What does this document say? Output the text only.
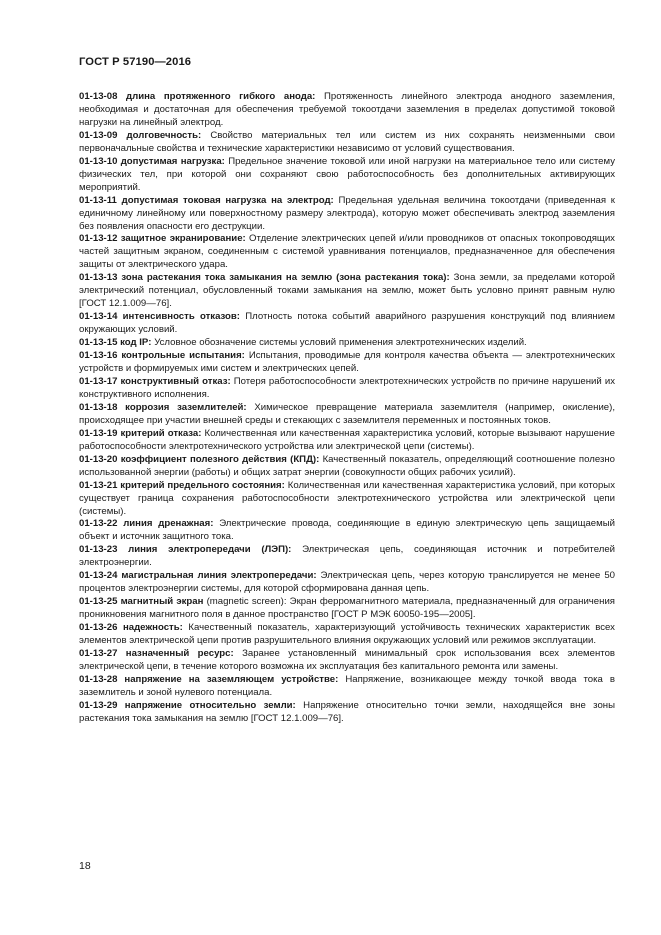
ГОСТ Р 57190—2016
01-13-08 длина протяженного гибкого анода: Протяженность линейного электрода анодного заземления, необходимая и достаточная для обеспечения требуемой токоотдачи заземления в пределах допустимой токовой нагрузки на линейный электрод.
01-13-09 долговечность: Свойство материальных тел или систем из них сохранять неизменными свои первоначальные свойства и технические характеристики независимо от условий существования.
01-13-10 допустимая нагрузка: Предельное значение токовой или иной нагрузки на материальное тело или систему физических тел, при которой они сохраняют свою работоспособность без дополнительных активирующих мероприятий.
01-13-11 допустимая токовая нагрузка на электрод: Предельная удельная величина токоотдачи (приведенная к единичному линейному или поверхностному размеру электрода), которую может обеспечивать электрод заземления без появления опасности его деструкции.
01-13-12 защитное экранирование: Отделение электрических цепей и/или проводников от опасных токопроводящих частей защитным экраном, соединенным с системой уравнивания потенциалов, предназначенное для обеспечения защиты от электрического удара.
01-13-13 зона растекания тока замыкания на землю (зона растекания тока): Зона земли, за пределами которой электрический потенциал, обусловленный токами замыкания на землю, может быть условно принят равным нулю [ГОСТ 12.1.009—76].
01-13-14 интенсивность отказов: Плотность потока событий аварийного разрушения конструкций под влиянием окружающих условий.
01-13-15 код IP: Условное обозначение системы условий применения электротехнических изделий.
01-13-16 контрольные испытания: Испытания, проводимые для контроля качества объекта — электротехнических устройств и формируемых ими систем и электрических цепей.
01-13-17 конструктивный отказ: Потеря работоспособности электротехнических устройств по причине нарушений их конструктивного исполнения.
01-13-18 коррозия заземлителей: Химическое превращение материала заземлителя (например, окисление), происходящее при участии внешней среды и стекающих с заземлителя переменных и постоянных токов.
01-13-19 критерий отказа: Количественная или качественная характеристика условий, которые вызывают нарушение работоспособности электротехнического устройства или электрической цепи (системы).
01-13-20 коэффициент полезного действия (КПД): Качественный показатель, определяющий соотношение полезно использованной энергии (работы) и общих затрат энергии (совокупности общих рабочих усилий).
01-13-21 критерий предельного состояния: Количественная или качественная характеристика условий, при которых существует граница сохранения работоспособности электротехнического устройства или электрической цепи (системы).
01-13-22 линия дренажная: Электрические провода, соединяющие в единую электрическую цепь защищаемый объект и источник защитного тока.
01-13-23 линия электропередачи (ЛЭП): Электрическая цепь, соединяющая источник и потребителей электроэнергии.
01-13-24 магистральная линия электропередачи: Электрическая цепь, через которую транслируется не менее 50 процентов электроэнергии системы, для которой сформирована данная цепь.
01-13-25 магнитный экран (magnetic screen): Экран ферромагнитного материала, предназначенный для ограничения проникновения магнитного поля в данное пространство [ГОСТ Р МЭК 60050-195—2005].
01-13-26 надежность: Качественный показатель, характеризующий устойчивость технических характеристик всех элементов электрической цепи против разрушительного влияния окружающих условий или режимов эксплуатации.
01-13-27 назначенный ресурс: Заранее установленный минимальный срок использования всех элементов электрической цепи, в течение которого возможна их эксплуатация без капитального ремонта или замены.
01-13-28 напряжение на заземляющем устройстве: Напряжение, возникающее между точкой ввода тока в заземлитель и зоной нулевого потенциала.
01-13-29 напряжение относительно земли: Напряжение относительно точки земли, находящейся вне зоны растекания тока замыкания на землю [ГОСТ 12.1.009—76].
18
